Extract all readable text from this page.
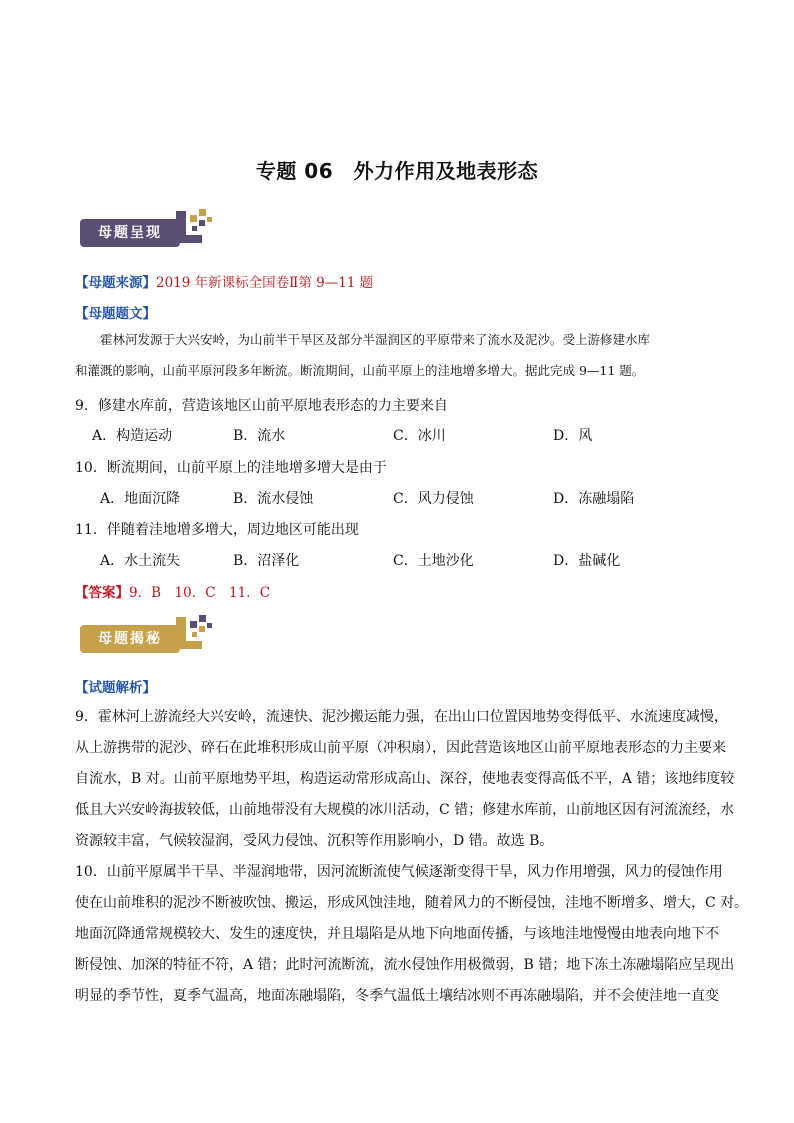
专题 06　外力作用及地表形态
母题呈现
【母题来源】2019 年新课标全国卷Ⅱ第 9—11 题
【母题题文】
　　霍林河发源于大兴安岭，为山前半干旱区及部分半湿润区的平原带来了流水及泥沙。受上游修建水库
和灌溉的影响，山前平原河段多年断流。断流期间，山前平原上的洼地增多增大。据此完成 9—11 题。
9．修建水库前，营造该地区山前平原地表形态的力主要来自
A．构造运动	B．流水	C．冰川	D．风
10．断流期间，山前平原上的洼地增多增大是由于
A．地面沉降	B．流水侵蚀	C．风力侵蚀	D．冻融塌陷
11．伴随着洼地增多增大，周边地区可能出现
A．水土流失	B．沼泽化	C．土地沙化	D．盐碱化
【答案】9．B　10．C　11．C
母题揭秘
【试题解析】
9．霍林河上游流经大兴安岭，流速快、泥沙搬运能力强，在出山口位置因地势变得低平、水流速度减慢，
从上游携带的泥沙、碎石在此堆积形成山前平原（冲积扇），因此营造该地区山前平原地表形态的力主要来
自流水，B 对。山前平原地势平坦，构造运动常形成高山、深谷，使地表变得高低不平，A 错；该地纬度较
低且大兴安岭海拔较低，山前地带没有大规模的冰川活动，C 错；修建水库前，山前地区因有河流流经，水
资源较丰富，气候较湿润，受风力侵蚀、沉积等作用影响小，D 错。故选 B。
10．山前平原属半干旱、半湿润地带，因河流断流使气候逐渐变得干旱，风力作用增强，风力的侵蚀作用
使在山前堆积的泥沙不断被吹蚀、搬运，形成风蚀洼地，随着风力的不断侵蚀，洼地不断增多、增大，C 对。
地面沉降通常规模较大、发生的速度快，并且塌陷是从地下向地面传播，与该地洼地慢慢由地表向地下不
断侵蚀、加深的特征不符，A 错；此时河流断流，流水侵蚀作用极微弱，B 错；地下冻土冻融塌陷应呈现出
明显的季节性，夏季气温高，地面冻融塌陷，冬季气温低土壤结冰则不再冻融塌陷，并不会使洼地一直变
